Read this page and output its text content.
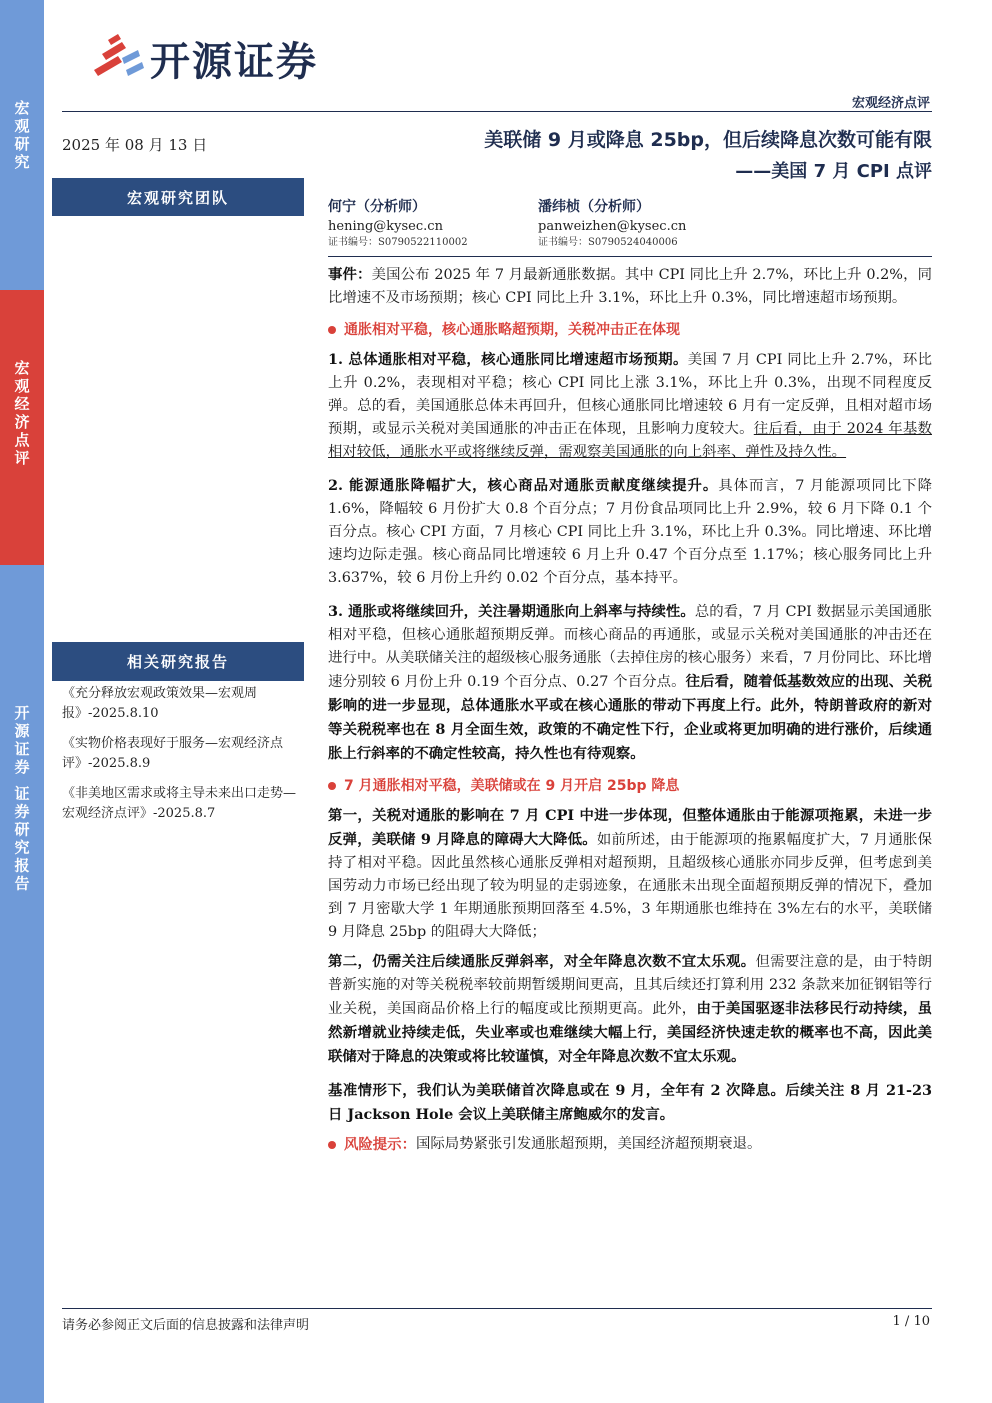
宏观研究
宏观经济点评
开源证券 证券研究报告
开源证券
宏观经济点评
2025 年 08 月 13 日
宏观研究团队
相关研究报告
《充分释放宏观政策效果—宏观周报》-2025.8.10
《实物价格表现好于服务—宏观经济点评》-2025.8.9
《非美地区需求或将主导未来出口走势—宏观经济点评》-2025.8.7
美联储 9 月或降息 25bp，但后续降息次数可能有限
——美国 7 月 CPI 点评
何宁（分析师）
hening@kysec.cn
证书编号：S0790522110002
潘纬桢（分析师）
panweizhen@kysec.cn
证书编号：S0790524040006
事件：美国公布 2025 年 7 月最新通胀数据。其中 CPI 同比上升 2.7%，环比上升 0.2%，同比增速不及市场预期；核心 CPI 同比上升 3.1%，环比上升 0.3%，同比增速超市场预期。
通胀相对平稳，核心通胀略超预期，关税冲击正在体现
1. 总体通胀相对平稳，核心通胀同比增速超市场预期。美国 7 月 CPI 同比上升 2.7%，环比上升 0.2%，表现相对平稳；核心 CPI 同比上涨 3.1%，环比上升 0.3%，出现不同程度反弹。总的看，美国通胀总体未再回升，但核心通胀同比增速较 6 月有一定反弹，且相对超市场预期，或显示关税对美国通胀的冲击正在体现，且影响力度较大。往后看，由于 2024 年基数相对较低，通胀水平或将继续反弹，需观察美国通胀的向上斜率、弹性及持久性。
2. 能源通胀降幅扩大，核心商品对通胀贡献度继续提升。具体而言，7 月能源项同比下降 1.6%，降幅较 6 月份扩大 0.8 个百分点；7 月份食品项同比上升 2.9%，较 6 月下降 0.1 个百分点。核心 CPI 方面，7 月核心 CPI 同比上升 3.1%，环比上升 0.3%。同比增速、环比增速均边际走强。核心商品同比增速较 6 月上升 0.47 个百分点至 1.17%；核心服务同比上升 3.637%，较 6 月份上升约 0.02 个百分点，基本持平。
3. 通胀或将继续回升，关注暑期通胀向上斜率与持续性。总的看，7 月 CPI 数据显示美国通胀相对平稳，但核心通胀超预期反弹。而核心商品的再通胀，或显示关税对美国通胀的冲击还在进行中。从美联储关注的超级核心服务通胀（去掉住房的核心服务）来看，7 月份同比、环比增速分别较 6 月份上升 0.19 个百分点、0.27 个百分点。往后看，随着低基数效应的出现、关税影响的进一步显现，总体通胀水平或在核心通胀的带动下再度上行。此外，特朗普政府的新对等关税税率也在 8 月全面生效，政策的不确定性下行，企业或将更加明确的进行涨价，后续通胀上行斜率的不确定性较高，持久性也有待观察。
7 月通胀相对平稳，美联储或在 9 月开启 25bp 降息
第一，关税对通胀的影响在 7 月 CPI 中进一步体现，但整体通胀由于能源项拖累，未进一步反弹，美联储 9 月降息的障碍大大降低。如前所述，由于能源项的拖累幅度扩大，7 月通胀保持了相对平稳。因此虽然核心通胀反弹相对超预期，且超级核心通胀亦同步反弹，但考虑到美国劳动力市场已经出现了较为明显的走弱迹象，在通胀未出现全面超预期反弹的情况下，叠加到 7 月密歇大学 1 年期通胀预期回落至 4.5%，3 年期通胀也维持在 3%左右的水平，美联储 9 月降息 25bp 的阻碍大大降低；
第二，仍需关注后续通胀反弹斜率，对全年降息次数不宜太乐观。但需要注意的是，由于特朗普新实施的对等关税税率较前期暂缓期间更高，且其后续还打算利用 232 条款来加征钢铝等行业关税，美国商品价格上行的幅度或比预期更高。此外，由于美国驱逐非法移民行动持续，虽然新增就业持续走低，失业率或也难继续大幅上行，美国经济快速走软的概率也不高，因此美联储对于降息的决策或将比较谨慎，对全年降息次数不宜太乐观。
基准情形下，我们认为美联储首次降息或在 9 月，全年有 2 次降息。后续关注 8 月 21-23 日 Jackson Hole 会议上美联储主席鲍威尔的发言。
风险提示： 国际局势紧张引发通胀超预期，美国经济超预期衰退。
请务必参阅正文后面的信息披露和法律声明	1 / 10
